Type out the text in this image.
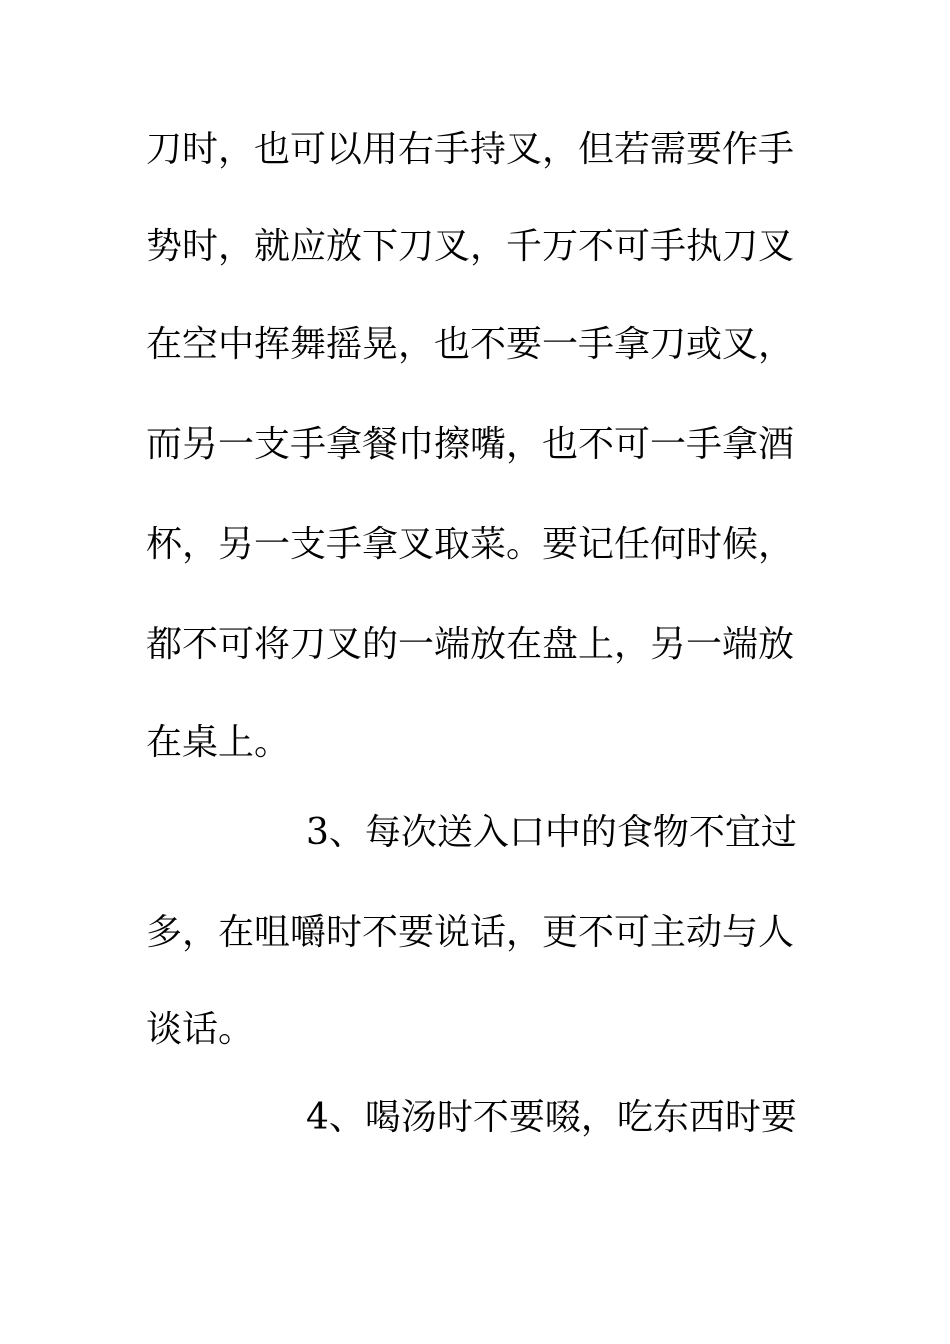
刀时，也可以用右手持叉，但若需要作手
势时，就应放下刀叉，千万不可手执刀叉
在空中挥舞摇晃，也不要一手拿刀或叉，
而另一支手拿餐巾擦嘴，也不可一手拿酒
杯，另一支手拿叉取菜。要记任何时候，
都不可将刀叉的一端放在盘上，另一端放
在桌上。
3、每次送入口中的食物不宜过
多，在咀嚼时不要说话，更不可主动与人
谈话。
4、喝汤时不要啜，吃东西时要
